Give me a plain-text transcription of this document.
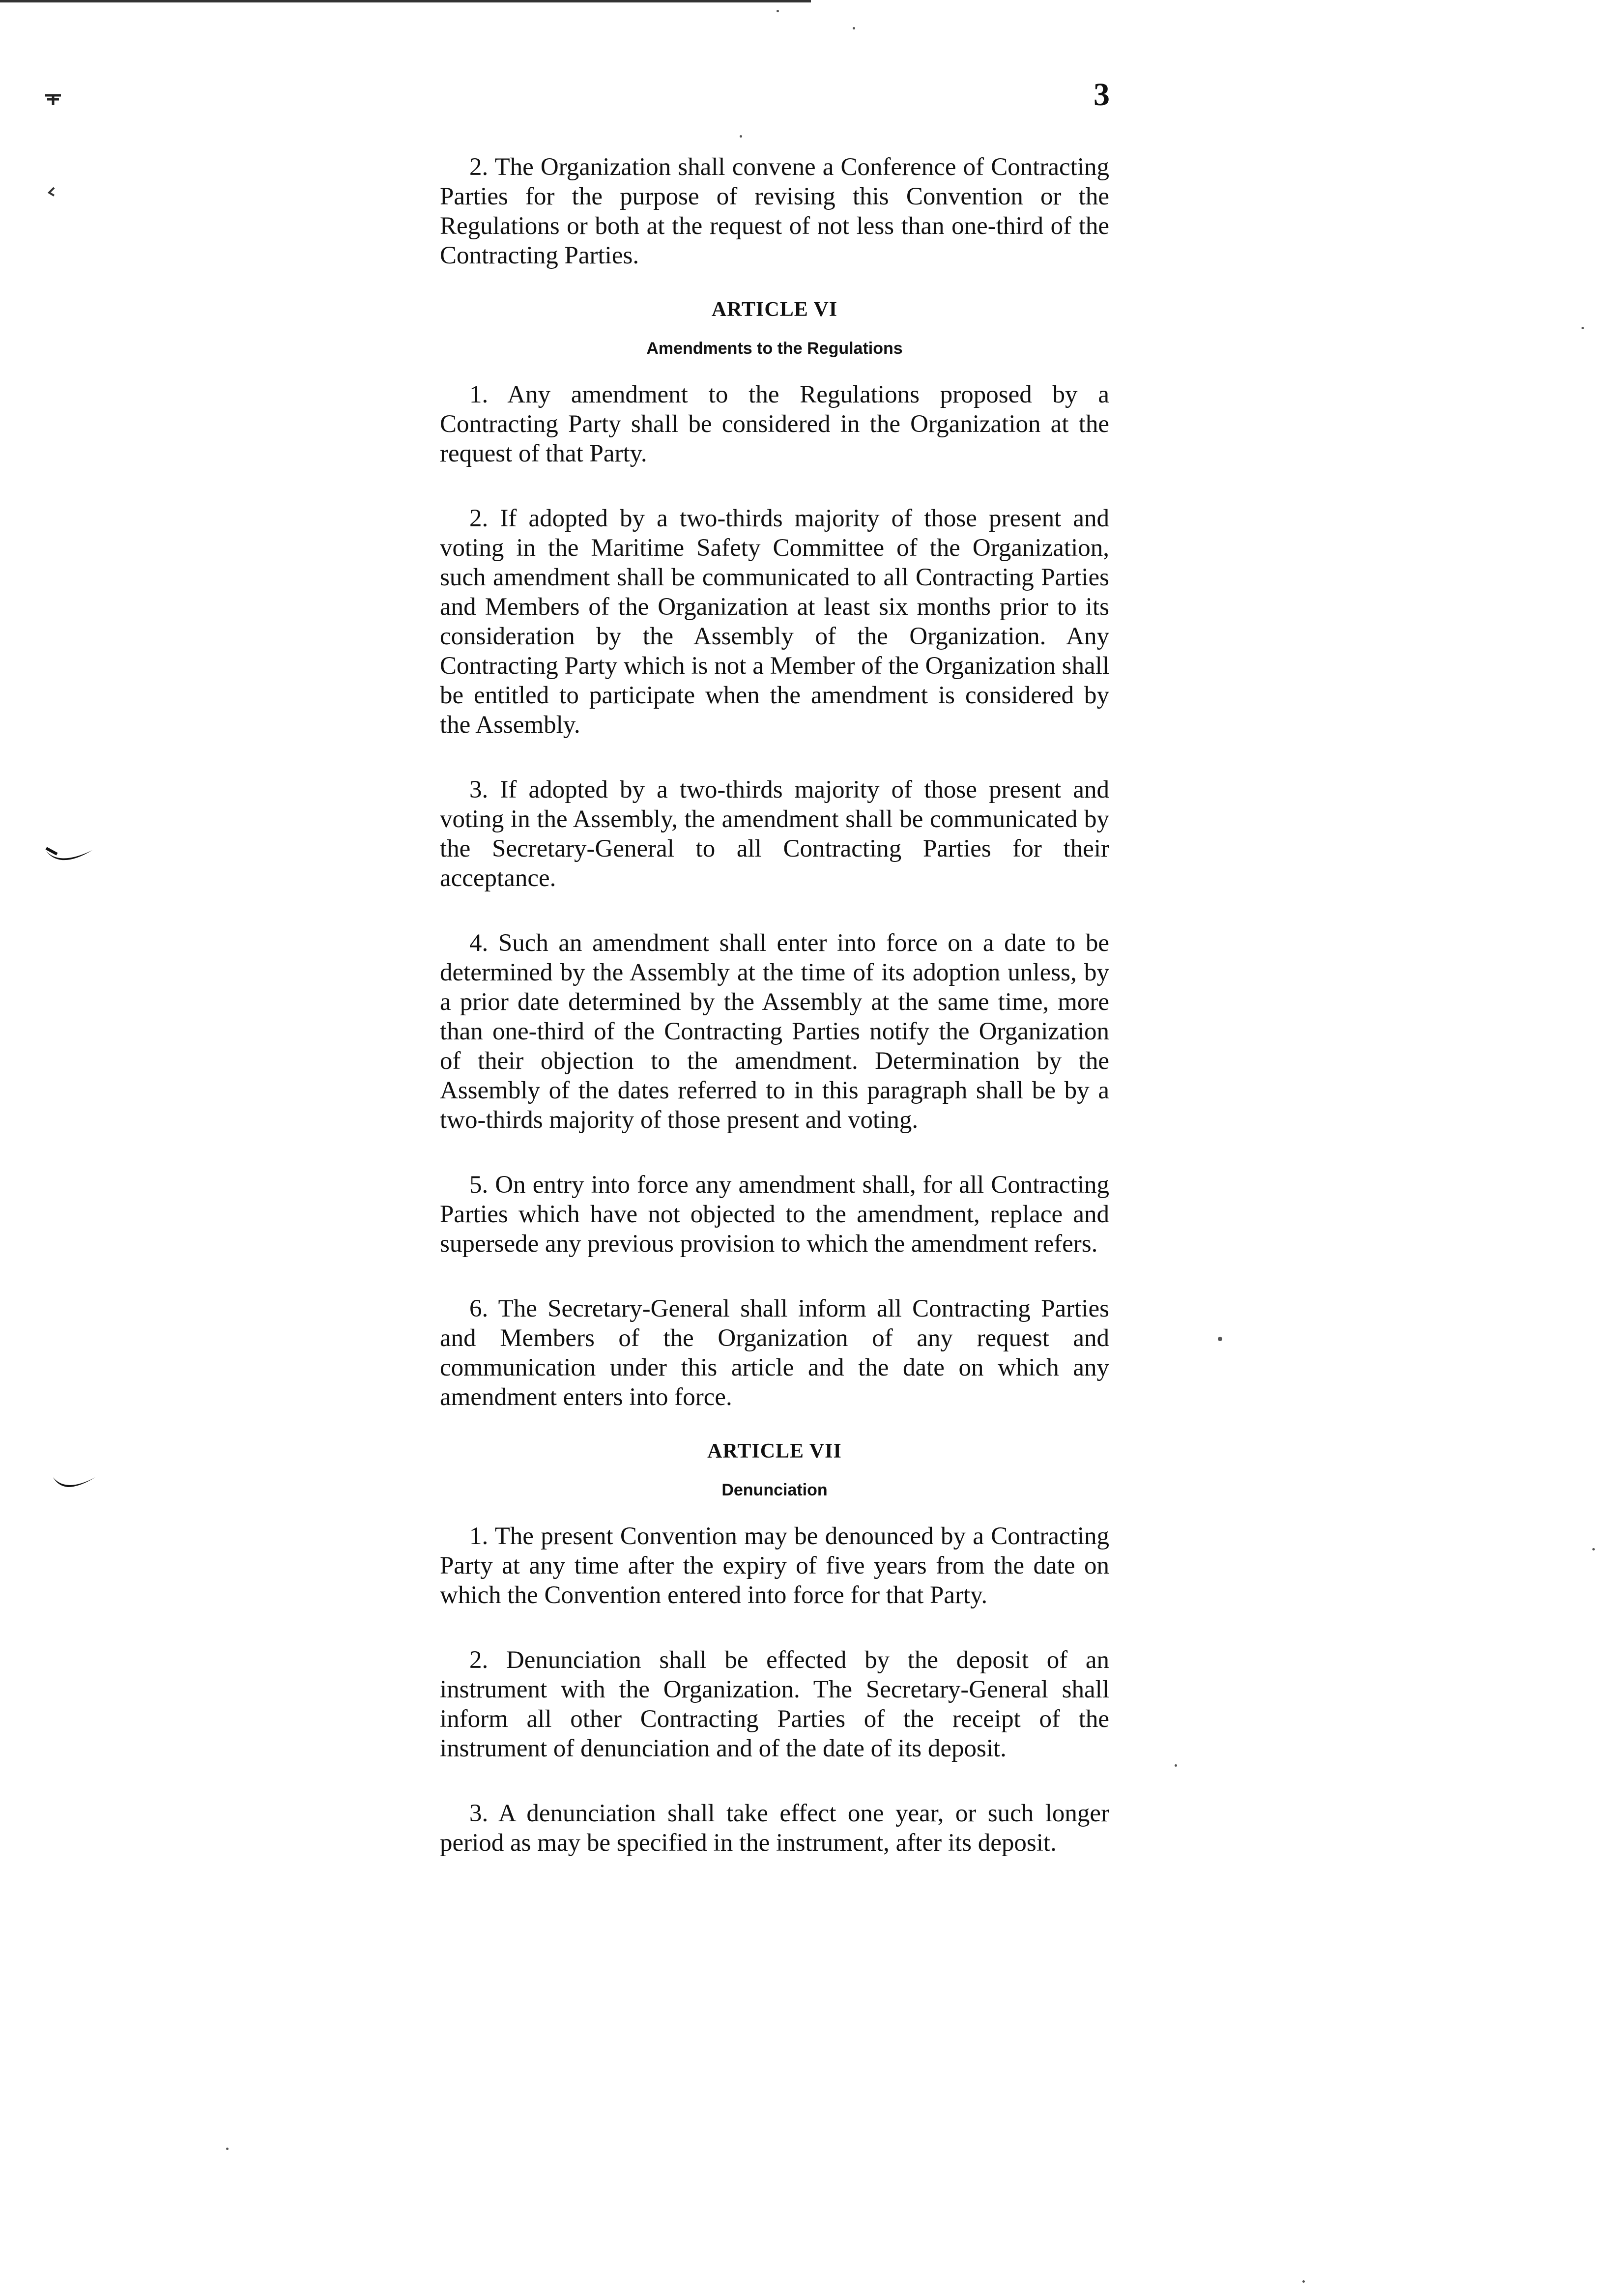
3

2. The Organization shall convene a Conference of Contracting Parties for the purpose of revising this Convention or the Regulations or both at the request of not less than one-third of the Contracting Parties.

ARTICLE VI
Amendments to the Regulations

1. Any amendment to the Regulations proposed by a Contracting Party shall be considered in the Organization at the request of that Party.

2. If adopted by a two-thirds majority of those present and voting in the Maritime Safety Committee of the Organization, such amendment shall be communicated to all Contracting Parties and Members of the Organization at least six months prior to its consideration by the Assembly of the Organization. Any Contracting Party which is not a Member of the Organization shall be entitled to participate when the amendment is considered by the Assembly.

3. If adopted by a two-thirds majority of those present and voting in the Assembly, the amendment shall be communicated by the Secretary-General to all Contracting Parties for their acceptance.

4. Such an amendment shall enter into force on a date to be determined by the Assembly at the time of its adoption unless, by a prior date determined by the Assembly at the same time, more than one-third of the Contracting Parties notify the Organization of their objection to the amendment. Determination by the Assembly of the dates referred to in this paragraph shall be by a two-thirds majority of those present and voting.

5. On entry into force any amendment shall, for all Contracting Parties which have not objected to the amendment, replace and supersede any previous provision to which the amendment refers.

6. The Secretary-General shall inform all Contracting Parties and Members of the Organization of any request and communication under this article and the date on which any amendment enters into force.

ARTICLE VII
Denunciation

1. The present Convention may be denounced by a Contracting Party at any time after the expiry of five years from the date on which the Convention entered into force for that Party.

2. Denunciation shall be effected by the deposit of an instrument with the Organization. The Secretary-General shall inform all other Contracting Parties of the receipt of the instrument of denunciation and of the date of its deposit.

3. A denunciation shall take effect one year, or such longer period as may be specified in the instrument, after its deposit.
